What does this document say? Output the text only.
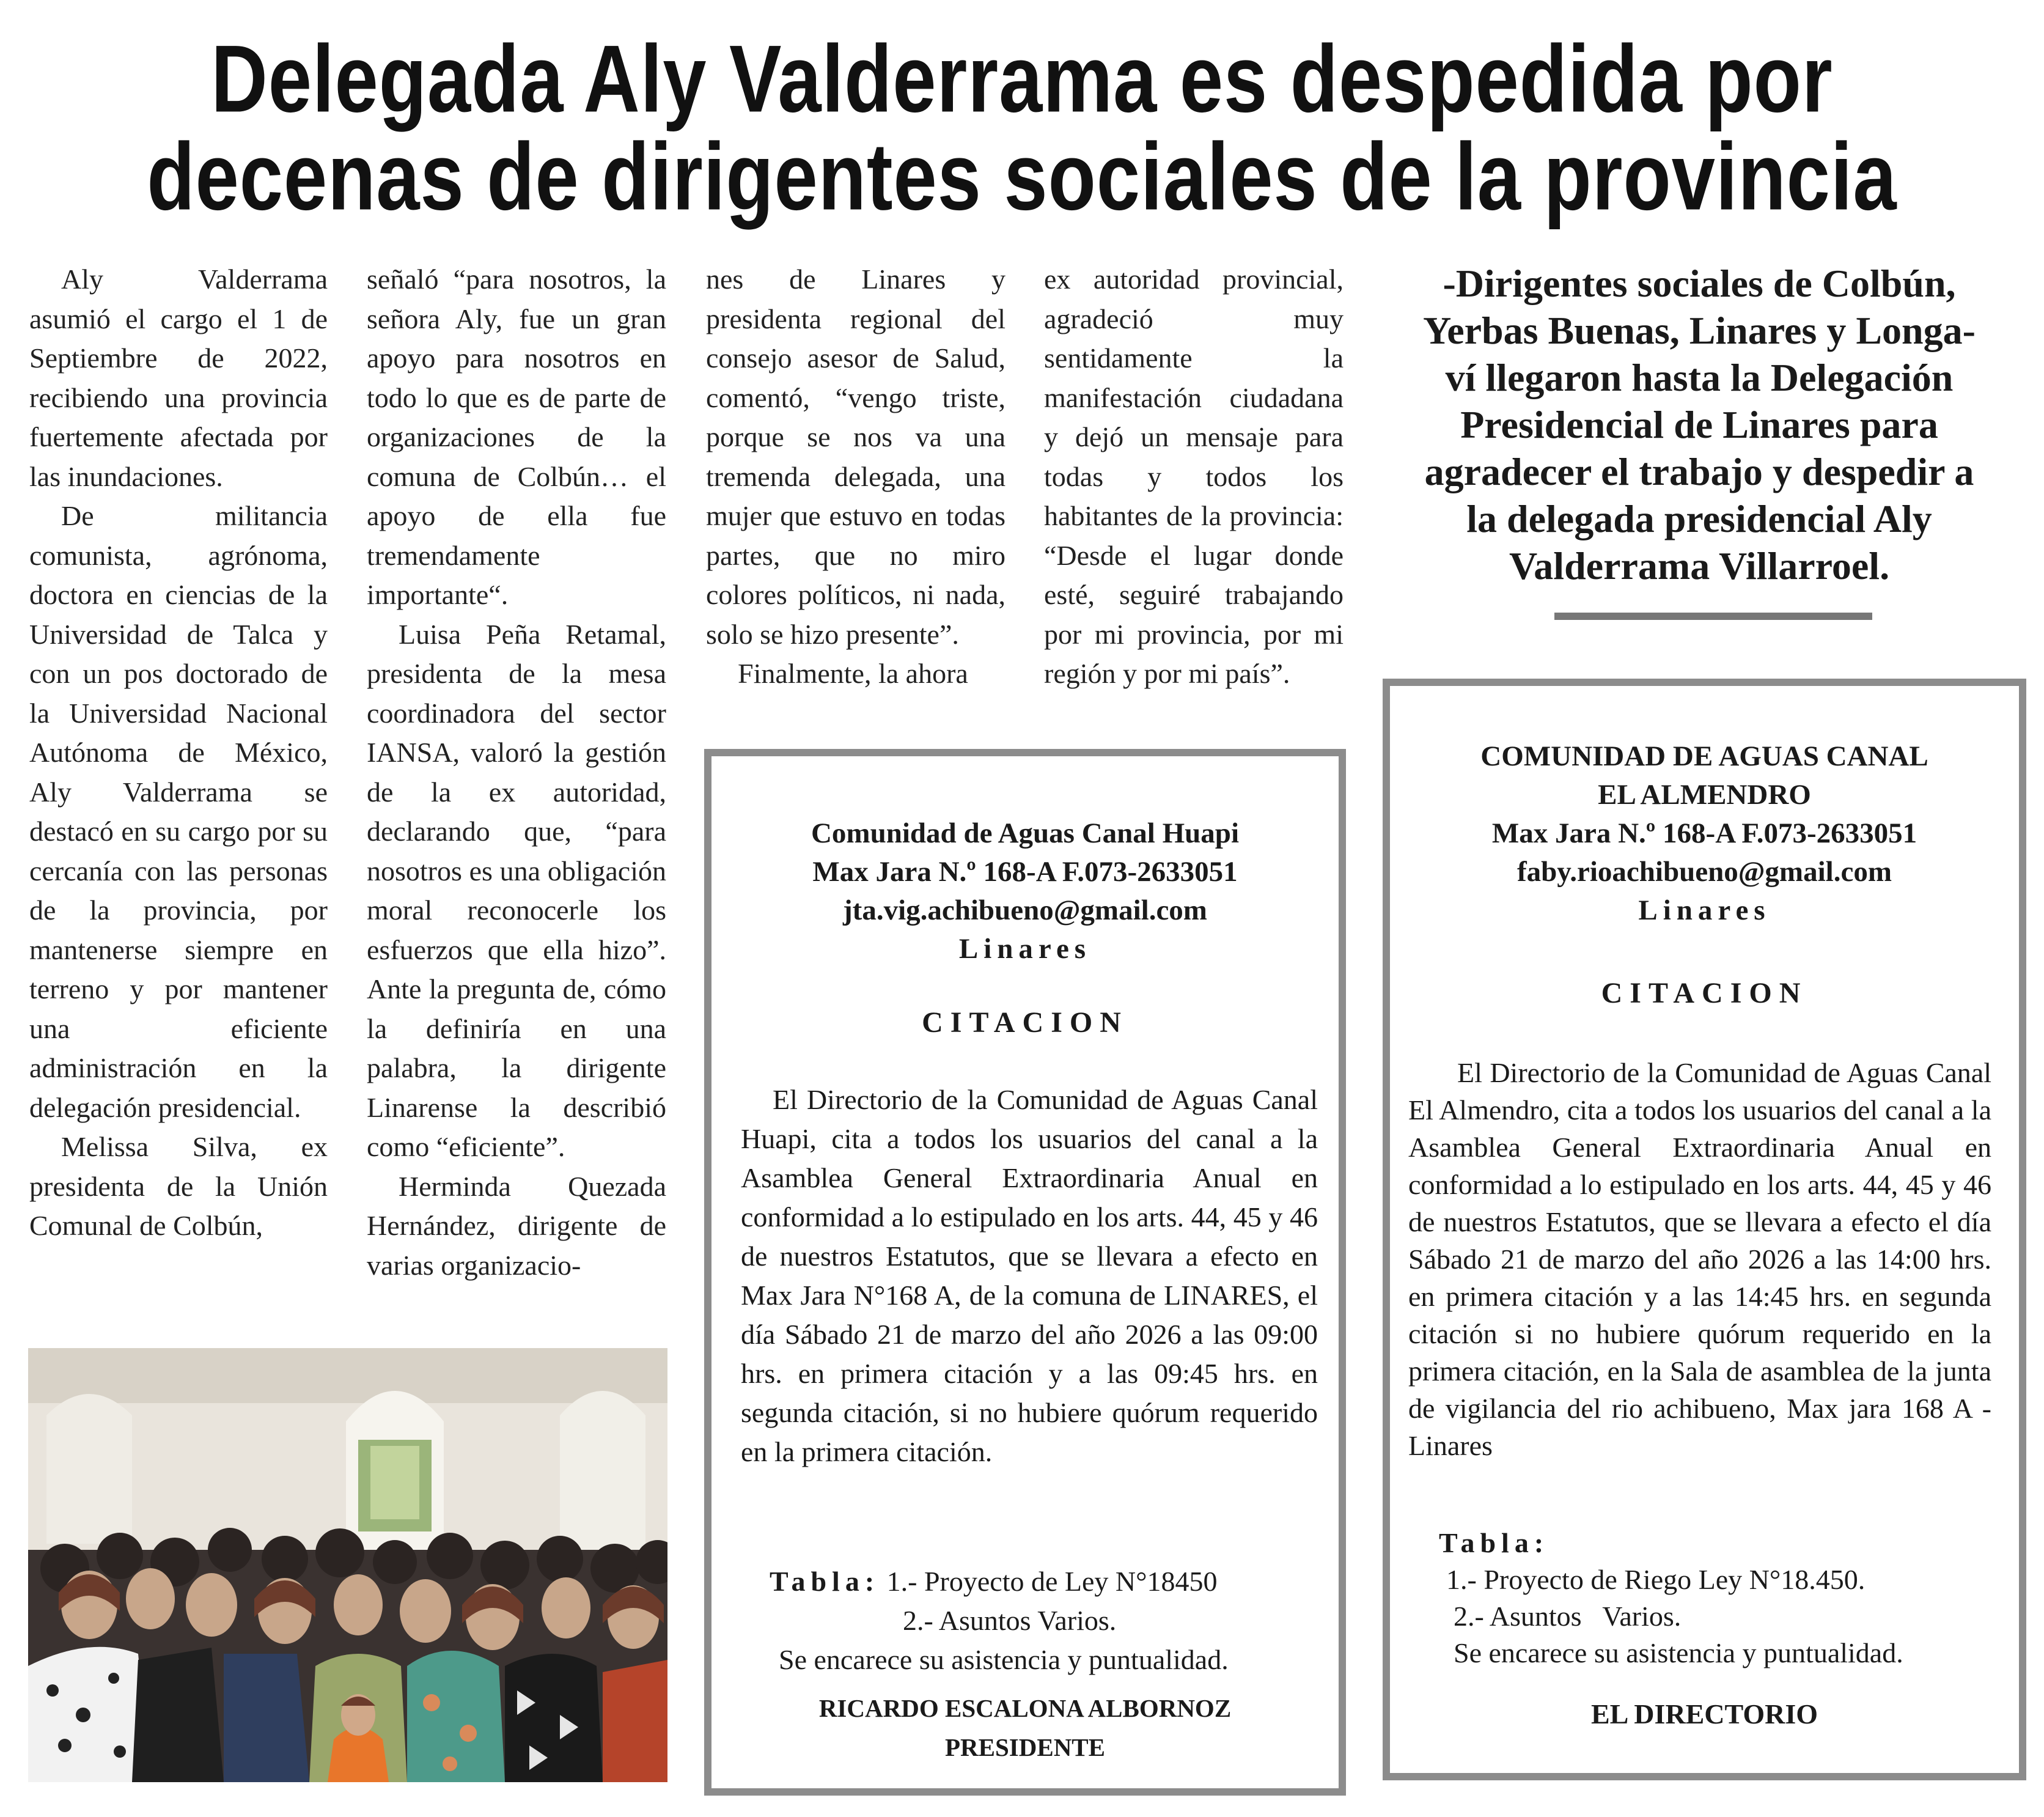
Delegada Aly Valderrama es despedida por
decenas de dirigentes sociales de la provincia

Aly Valderrama asumió el cargo el 1 de Septiembre de 2022, recibiendo una provincia fuertemente afectada por las inundaciones.

De militancia comunista, agrónoma, doctora en ciencias de la Universidad de Talca y con un pos doctorado de la Universidad Nacional Autónoma de México, Aly Valderrama se destacó en su cargo por su cercanía con las personas de la provincia, por mantenerse siempre en terreno y por mantener una eficiente administración en la delegación presidencial.

Melissa Silva, ex presidenta de la Unión Comunal de Colbún,

señaló “para nosotros, la señora Aly, fue un gran apoyo para nosotros en todo lo que es de parte de organizaciones de la comuna de Colbún… el apoyo de ella fue tremendamente importante“.

Luisa Peña Retamal, presidenta de la mesa coordinadora del sector IANSA, valoró la gestión de la ex autoridad, declarando que, “para nosotros es una obligación moral reconocerle los esfuerzos que ella hizo”. Ante la pregunta de, cómo la definiría en una palabra, la dirigente Linarense la describió como “eficiente”.

Herminda Quezada Hernández, dirigente de varias organizacio-

nes de Linares y presidenta regional del consejo asesor de Salud, comentó, “vengo triste, porque se nos va una tremenda delegada, una mujer que estuvo en todas partes, que no miro colores políticos, ni nada, solo se hizo presente”.

Finalmente, la ahora

ex autoridad provincial, agradeció muy sentidamente la manifestación ciudadana y dejó un mensaje para todas y todos los habitantes de la provincia: “Desde el lugar donde esté, seguiré trabajando por mi provincia, por mi región y por mi país”.

-Dirigentes sociales de Colbún,
Yerbas Buenas, Linares y Longa-
ví llegaron hasta la Delegación
Presidencial de Linares para
agradecer el trabajo y despedir a
la delegada presidencial Aly
Valderrama Villarroel.
Comunidad de Aguas Canal Huapi
Max Jara N.º 168-A F.073-2633051
jta.vig.achibueno@gmail.com
Linares
CITACION

El Directorio de la Comunidad de Aguas Canal Huapi, cita a todos los usuarios del canal a la Asamblea General Extraordinaria Anual en conformidad a lo estipulado en los arts. 44, 45 y 46 de nuestros Estatutos, que se llevara a efecto en Max Jara N°168 A, de la comuna de LINARES, el día Sábado 21 de marzo del año 2026 a las 09:00 hrs. en primera citación y a las 09:45 hrs. en segunda citación, si no hubiere quórum requerido en la primera citación.

Tabla: 1.- Proyecto de Ley N°18450
2.- Asuntos Varios.
Se encarece su asistencia y puntualidad.
RICARDO ESCALONA ALBORNOZ
PRESIDENTE
COMUNIDAD DE AGUAS CANAL
EL ALMENDRO
Max Jara N.º 168-A F.073-2633051
faby.rioachibueno@gmail.com
Linares
CITACION

El Directorio de la Comunidad de Aguas Canal El Almendro, cita a todos los usuarios del canal a la Asamblea General Extraordinaria Anual en conformidad a lo estipulado en los arts. 44, 45 y 46 de nuestros Estatutos, que se llevara a efecto el día Sábado 21 de marzo del año 2026 a las 14:00 hrs. en primera citación y a las 14:45 hrs. en segunda citación si no hubiere quórum requerido en la primera citación, en la Sala de asamblea de la junta de vigilancia del rio achibueno, Max jara 168 A - Linares

Tabla:
1.- Proyecto de Riego Ley N°18.450.
2.- Asuntos   Varios.
Se encarece su asistencia y puntualidad.
EL DIRECTORIO
